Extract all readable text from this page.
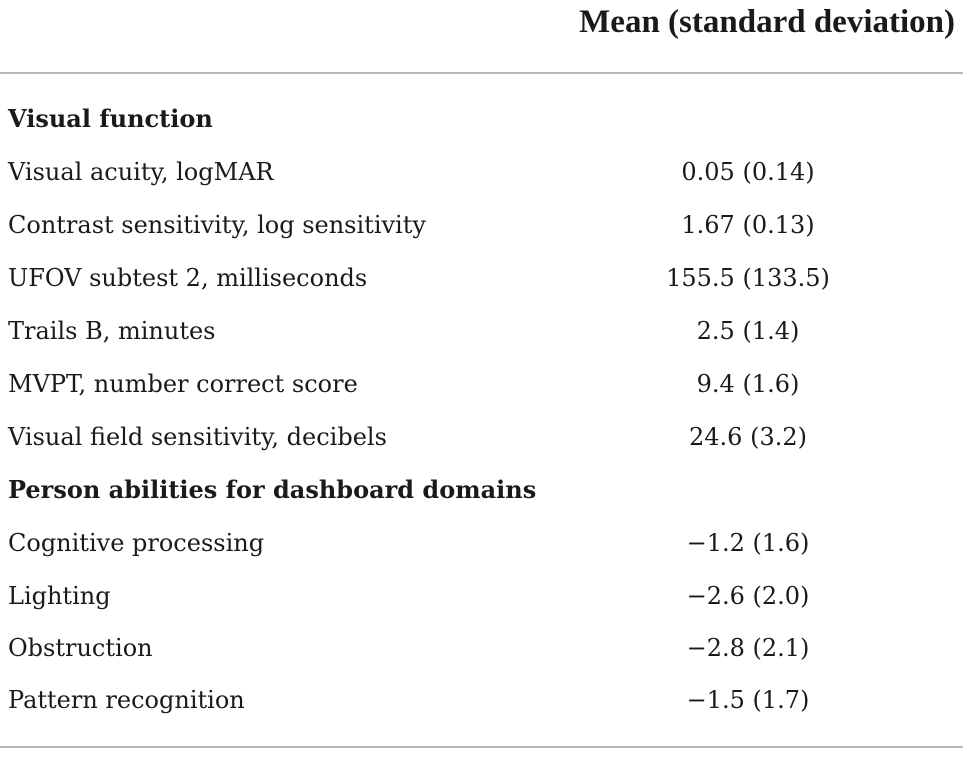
Mean (standard deviation)
Visual function
Visual acuity, logMAR	0.05 (0.14)
Contrast sensitivity, log sensitivity	1.67 (0.13)
UFOV subtest 2, milliseconds	155.5 (133.5)
Trails B, minutes	2.5 (1.4)
MVPT, number correct score	9.4 (1.6)
Visual field sensitivity, decibels	24.6 (3.2)
Person abilities for dashboard domains
Cognitive processing	−1.2 (1.6)
Lighting	−2.6 (2.0)
Obstruction	−2.8 (2.1)
Pattern recognition	−1.5 (1.7)
